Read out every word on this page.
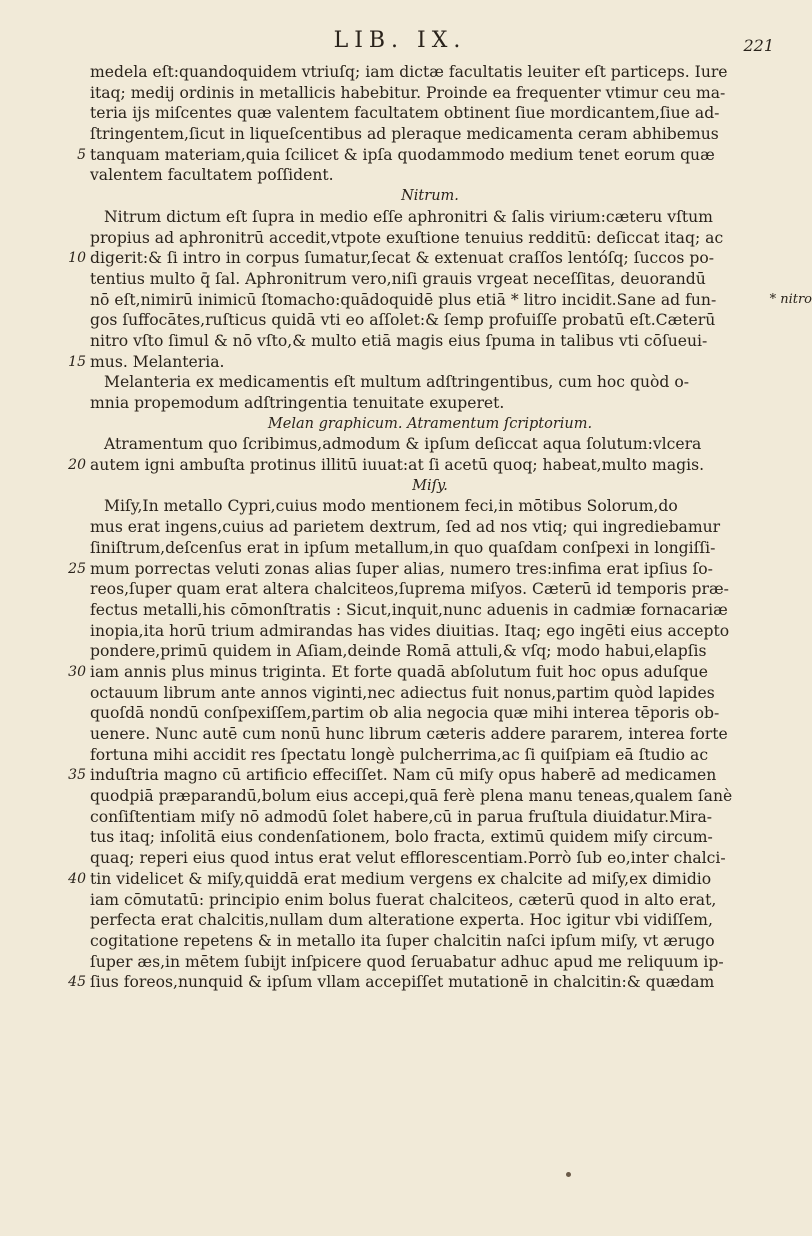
LIB. IX.	221
medela eſt:quandoquidem vtriuſq; iam dictæ facultatis leuiter eſt particeps. Iure
itaq; medij ordinis in metallicis habebitur. Proinde ea frequenter vtimur ceu ma-
teria ijs miſcentes quæ valentem facultatem obtinent ſiue mordicantem,ſiue ad-
ſtringentem,ſicut in liqueſcentibus ad pleraque medicamenta ceram abhibemus
tanquam materiam,quia ſcilicet & ipſa quodammodo medium tenet eorum quæ
5
valentem facultatem poſſident.
Nitrum.
Nitrum dictum eſt ſupra in medio eſſe aphronitri & ſalis virium:cæteru vſtum
propius ad aphronitrū accedit,vtpote exuſtione tenuius redditū: deſiccat itaq; ac
digerit:& ſi intro in corpus ſumatur,ſecat & extenuat craſſos lentóſq; ſuccos po-
10
tentius multo q̄ ſal. Aphronitrum vero,niſi grauis vrgeat neceſſitas, deuorandū
nō eſt,nimirū inimicū ſtomacho:quādoquidē plus etiā * litro incidit.Sane ad fun-	* nitro
gos ſuffocātes,ruſticus quidā vti eo aſſolet:& ſemp profuiſſe probatū eſt.Cæterū
nitro vſto ſimul & nō vſto,& multo etiā magis eius ſpuma in talibus vti cōſueui-
mus. Melanteria.
15
Melanteria ex medicamentis eſt multum adſtringentibus, cum hoc quòd o-
mnia propemodum adſtringentia tenuitate exuperet.
Melan graphicum. Atramentum ſcriptorium.
Atramentum quo ſcribimus,admodum & ipſum deſiccat aqua ſolutum:vlcera
autem igni ambuſta protinus illitū iuuat:at ſi acetū quoq; habeat,multo magis.
20
Miſy.
Miſy,In metallo Cypri,cuius modo mentionem feci,in mōtibus Solorum,do
mus erat ingens,cuius ad parietem dextrum, ſed ad nos vtiq; qui ingrediebamur
ſiniſtrum,deſcenſus erat in ipſum metallum,in quo quaſdam conſpexi in longiſſi-
mum porrectas veluti zonas alias ſuper alias, numero tres:infima erat ipſius ſo-
25
reos,ſuper quam erat altera chalciteos,ſuprema miſyos. Cæterū id temporis præ-
fectus metalli,his cōmonſtratis : Sicut,inquit,nunc aduenis in cadmiæ fornacariæ
inopia,ita horū trium admirandas has vides diuitias. Itaq; ego ingēti eius accepto
pondere,primū quidem in Aſiam,deinde Romā attuli,& vſq; modo habui,elapſis
iam annis plus minus triginta. Et forte quadā abſolutum fuit hoc opus aduſque
30
octauum librum ante annos viginti,nec adiectus fuit nonus,partim quòd lapides
quoſdā nondū conſpexiſſem,partim ob alia negocia quæ mihi interea tēporis ob-
uenere. Nunc autē cum nonū hunc librum cæteris addere pararem, interea forte
fortuna mihi accidit res ſpectatu longè pulcherrima,ac ſi quiſpiam eā ſtudio ac
induſtria magno cū artificio effeciſſet. Nam cū miſy opus haberē ad medicamen
35
quodpiā præparandū,bolum eius accepi,quā ferè plena manu teneas,qualem ſanè
conſiſtentiam miſy nō admodū ſolet habere,cū in parua fruſtula diuidatur.Mira-
tus itaq; inſolitā eius condenſationem, bolo fracta, extimū quidem miſy circum-
quaq; reperi eius quod intus erat velut efflorescentiam.Porrò ſub eo,inter chalci-
tin videlicet & miſy,quiddā erat medium vergens ex chalcite ad miſy,ex dimidio
40
iam cōmutatū: principio enim bolus fuerat chalciteos, cæterū quod in alto erat,
perfecta erat chalcitis,nullam dum alteratione experta. Hoc igitur vbi vidiſſem,
cogitatione repetens & in metallo ita ſuper chalcitin naſci ipſum miſy, vt ærugo
ſuper æs,in mētem ſubijt inſpicere quod ſeruabatur adhuc apud me reliquum ip-
ſius fore⁠os,nunquid & ipſum vllam accepiſſet mutationē in chalcitin:& quædam
45
